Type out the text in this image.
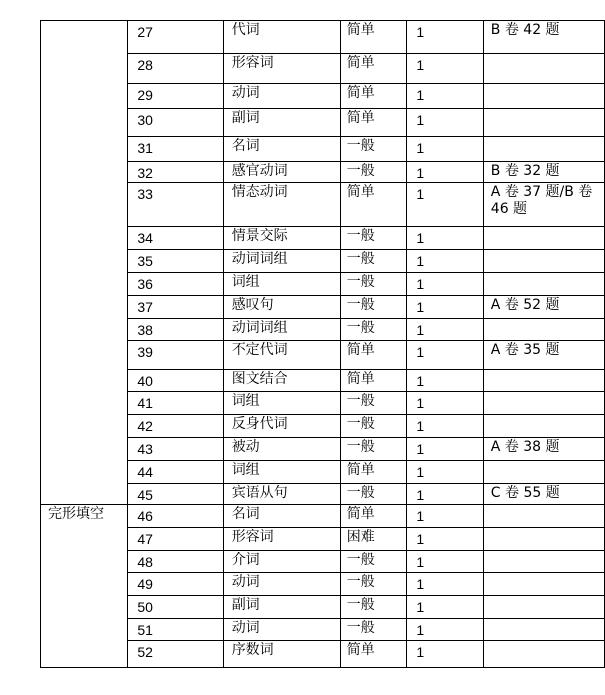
	27	代词	简单	1	B 卷 42 题
	28	形容词	简单	1	
	29	动词	简单	1	
	30	副词	简单	1	
	31	名词	一般	1	
	32	感官动词	一般	1	B 卷 32 题
	33	情态动词	简单	1	A 卷 37 题/B 卷 46 题
	34	情景交际	一般	1	
	35	动词词组	一般	1	
	36	词组	一般	1	
	37	感叹句	一般	1	A 卷 52 题
	38	动词词组	一般	1	
	39	不定代词	简单	1	A 卷 35 题
	40	图文结合	简单	1	
	41	词组	一般	1	
	42	反身代词	一般	1	
	43	被动	一般	1	A 卷 38 题
	44	词组	简单	1	
	45	宾语从句	一般	1	C 卷 55 题
完形填空	46	名词	简单	1	
	47	形容词	困难	1	
	48	介词	一般	1	
	49	动词	一般	1	
	50	副词	一般	1	
	51	动词	一般	1	
	52	序数词	简单	1	
